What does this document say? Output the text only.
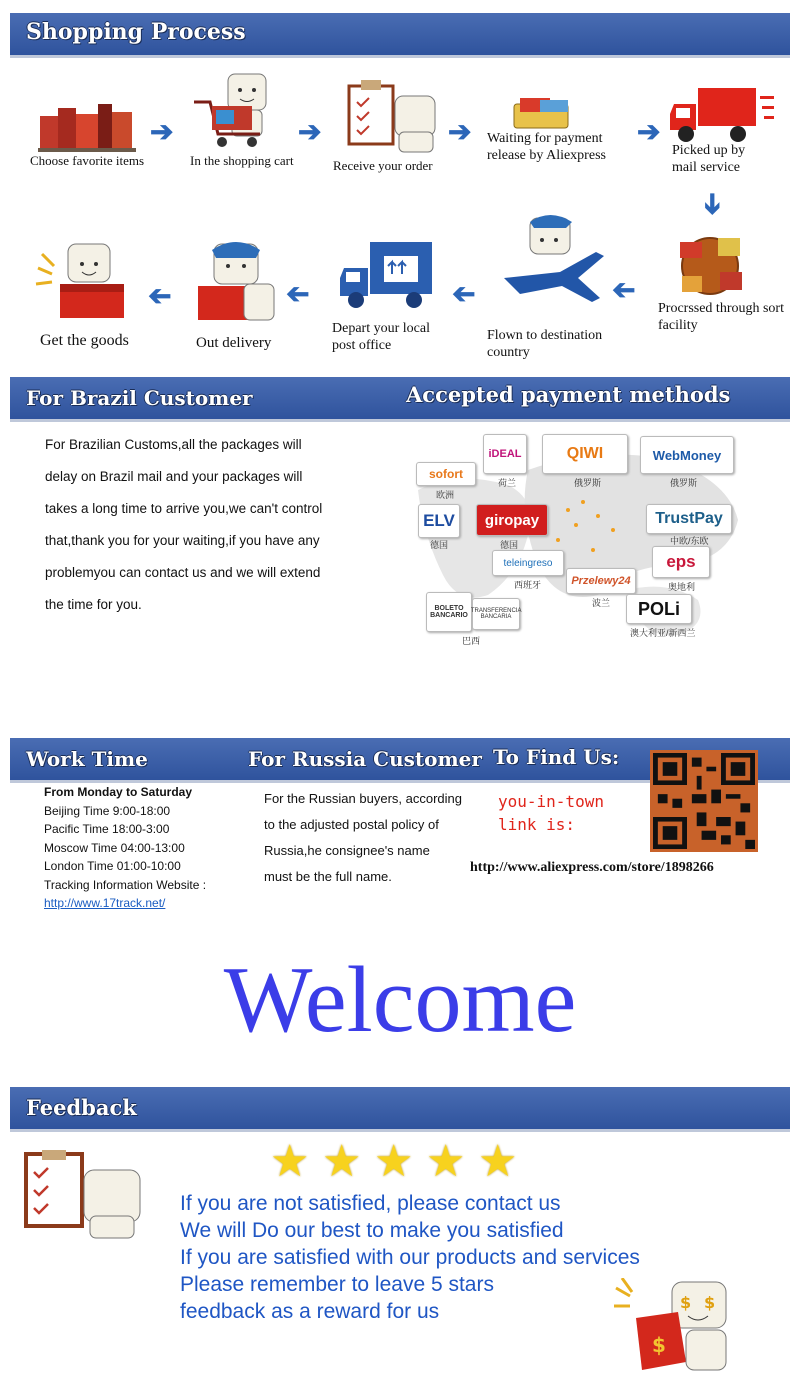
Shopping Process
Choose favorite items
➔
In the shopping cart
➔
Receive your order
➔ Waiting for payment release by Aliexpress
➔
Picked up by mail service
➔
Procrssed through sort facility
➔
Flown to destination country
➔
Depart your local post office
➔
Out delivery
➔
Get the goods
For Brazil Customer	Accepted payment methods
For Brazilian Customs,all the packages will
delay on Brazil mail and your packages will
takes a long time to arrive you,we can't control
that,thank you for your waiting,if you have any
problemyou can contact us and we will extend
the time for you.
sofort
欧洲
iDEAL
荷兰
QIWI
俄罗斯
WebMoney
俄罗斯
ELV
德国
giropay
德国
TrustPay
中欧/东欧
teleingreso
西班牙
eps
奥地利
Przelewy24
波兰
BOLETO BANCARIO
TRANSFERENCIA BANCARIA
巴西
POLi
澳大利亚/新西兰
Work Time	For Russia Customer To Find Us:
From Monday to Saturday
Beijing Time 9:00-18:00
Pacific Time 18:00-3:00
Moscow Time 04:00-13:00
London Time 01:00-10:00
Tracking Information Website :
http://www.17track.net/
For the Russian buyers, according
to the adjusted postal policy of
Russia,he consignee's name
must be the full name.
you-in-town
link is:
http://www.aliexpress.com/store/1898266
Welcome
Feedback
★ ★ ★ ★ ★
If you are not satisfied, please contact us
We will Do our best to make you satisfied
If you are satisfied with our products and services
Please remember to leave 5 stars
feedback as a reward for us	$ $
$
